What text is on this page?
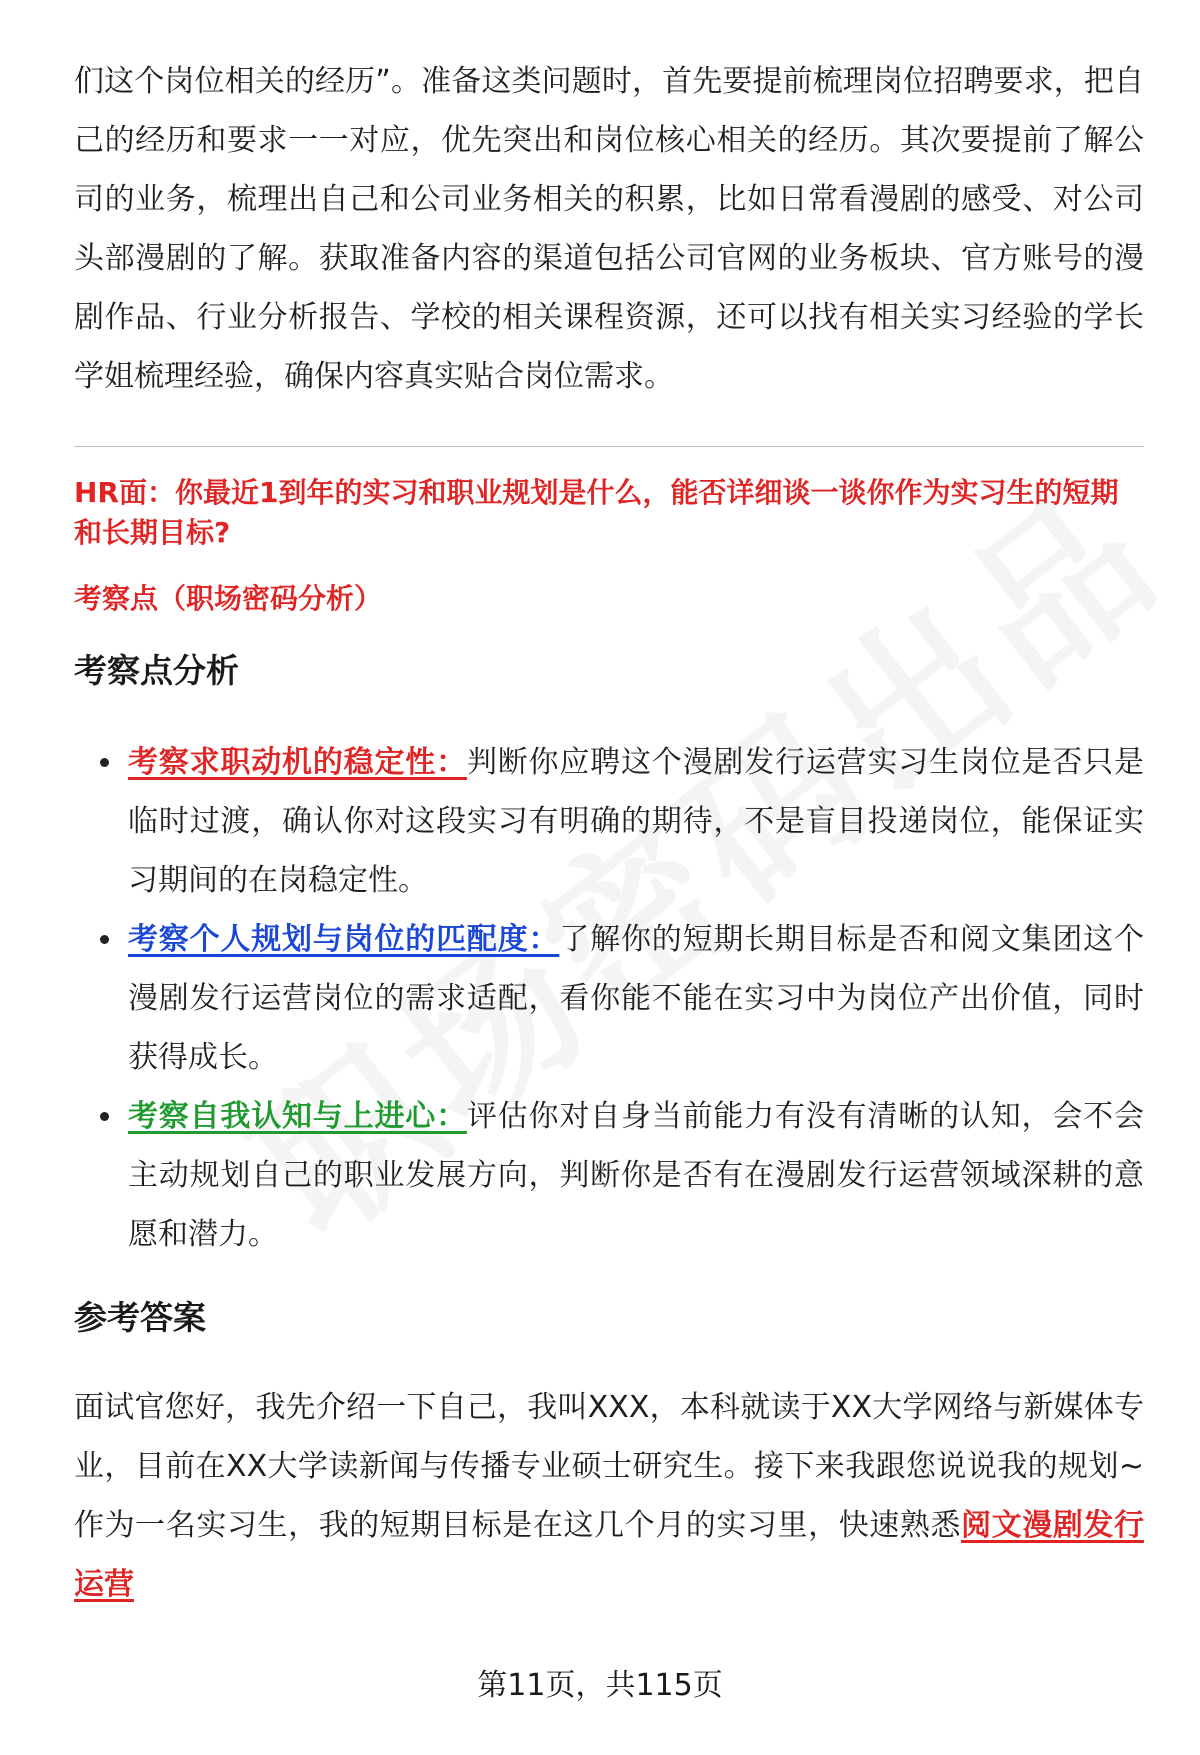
们这个岗位相关的经历”。准备这类问题时，首先要提前梳理岗位招聘要求，把自己的经历和要求一一对应，优先突出和岗位核心相关的经历。其次要提前了解公司的业务，梳理出自己和公司业务相关的积累，比如日常看漫剧的感受、对公司头部漫剧的了解。获取准备内容的渠道包括公司官网的业务板块、官方账号的漫剧作品、行业分析报告、学校的相关课程资源，还可以找有相关实习经验的学长学姐梳理经验，确保内容真实贴合岗位需求。

HR面：你最近1到年的实习和职业规划是什么，能否详细谈一谈你作为实习生的短期和长期目标?
考察点（职场密码分析）
考察点分析
考察求职动机的稳定性：判断你应聘这个漫剧发行运营实习生岗位是否只是临时过渡，确认你对这段实习有明确的期待，不是盲目投递岗位，能保证实习期间的在岗稳定性。
考察个人规划与岗位的匹配度：了解你的短期长期目标是否和阅文集团这个漫剧发行运营岗位的需求适配，看你能不能在实习中为岗位产出价值，同时获得成长。
考察自我认知与上进心：评估你对自身当前能力有没有清晰的认知，会不会主动规划自己的职业发展方向，判断你是否有在漫剧发行运营领域深耕的意愿和潜力。
参考答案

面试官您好，我先介绍一下自己，我叫XXX，本科就读于XX大学网络与新媒体专业，目前在XX大学读新闻与传播专业硕士研究生。接下来我跟您说说我的规划~作为一名实习生，我的短期目标是在这几个月的实习里，快速熟悉阅文漫剧发行运营

第11页，共115页
